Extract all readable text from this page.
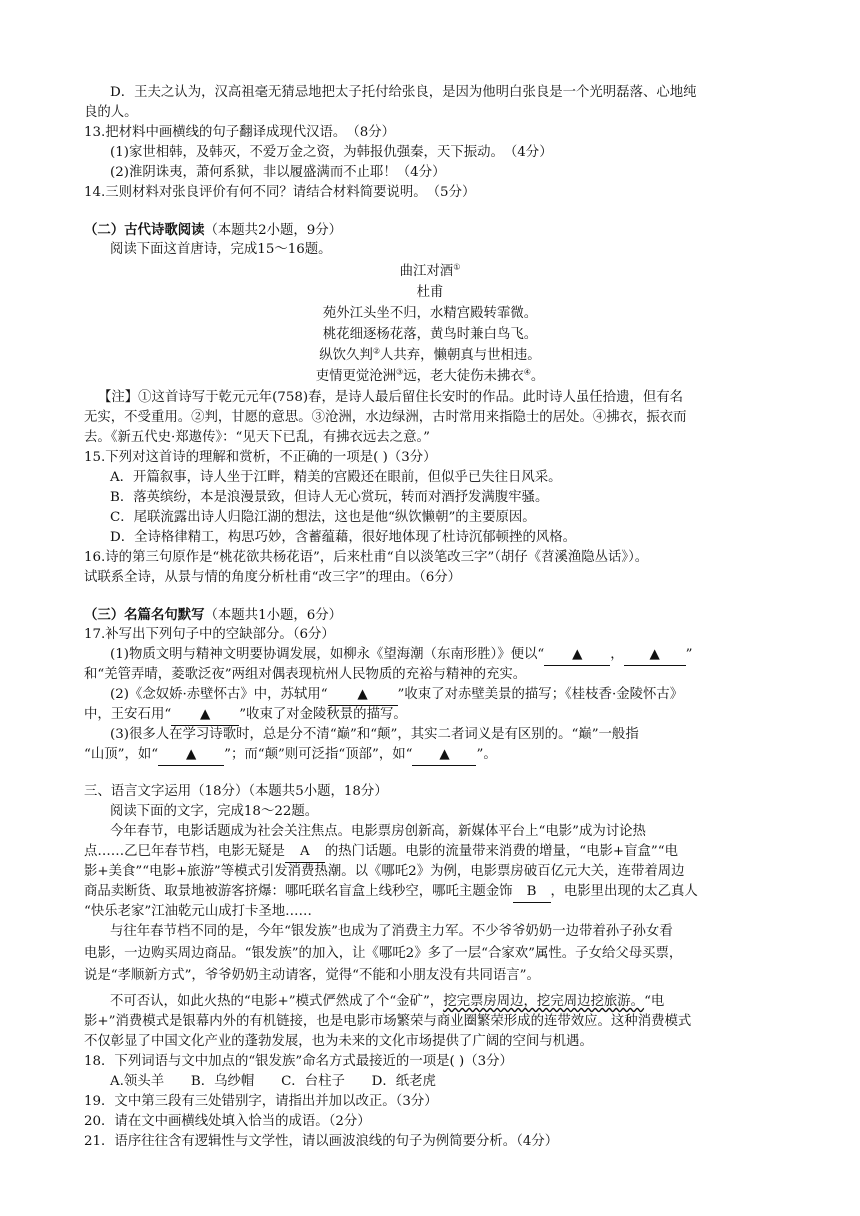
D．王夫之认为，汉高祖毫无猜忌地把太子托付给张良，是因为他明白张良是一个光明磊落、心地纯
良的人。
13.把材料中画横线的句子翻译成现代汉语。　（8分）
(1)家世相韩，及韩灭，不爱万金之资，为韩报仇强秦，天下振动。　（4分）
(2)淮阴诛夷，萧何系狱，非以履盛满而不止耶！（4分）
14.三则材料对张良评价有何不同？请结合材料简要说明。　（5分）
（二）古代诗歌阅读（本题共2小题，9分）
阅读下面这首唐诗，完成15～16题。
曲江对酒①
杜甫
苑外江头坐不归，水精宫殿转霏微。
桃花细逐杨花落，黄鸟时兼白鸟飞。
纵饮久判②人共弃，懒朝真与世相违。
吏情更觉沧洲③远，老大徒伤未拂衣④。
【注】①这首诗写于乾元元年(758)春，是诗人最后留住长安时的作品。此时诗人虽任拾遗，但有名
无实，不受重用。②判，甘愿的意思。③沧洲，水边绿洲，古时常用来指隐士的居处。④拂衣，振衣而
去。《新五代史·郑遨传》：“见天下已乱，有拂衣远去之意。”
15.下列对这首诗的理解和赏析，不正确的一项是( )（3分）
A．开篇叙事，诗人坐于江畔，精美的宫殿还在眼前，但似乎已失往日风采。
B．落英缤纷，本是浪漫景致，但诗人无心赏玩，转而对酒抒发满腹牢骚。
C．尾联流露出诗人归隐江湖的想法，这也是他“纵饮懒朝”的主要原因。
D．全诗格律精工，构思巧妙，含蓄蕴藉，很好地体现了杜诗沉郁顿挫的风格。
16.诗的第三句原作是“桃花欲共杨花语”，后来杜甫“自以淡笔改三字”（胡仔《苕溪渔隐丛话》）。
试联系全诗，从景与情的角度分析杜甫“改三字”的理由。（6分）
（三）名篇名句默写（本题共1小题，6分）
17.补写出下列句子中的空缺部分。（6分）
(1)物质文明与精神文明要协调发展，如柳永《望海潮（东南形胜）》便以“ ▲ ， ▲ ”
和“羌管弄晴，菱歌泛夜”两组对偶表现杭州人民物质的充裕与精神的充实。
(2)《念奴娇·赤壁怀古》中，苏轼用“ ▲ ”收束了对赤壁美景的描写；《桂枝香·金陵怀古》
中，王安石用“ ▲ ”收束了对金陵秋景的描写。
(3)很多人在学习诗歌时，总是分不清“巅”和“颠”，其实二者词义是有区别的。“巅”一般指
“山顶”，如“ ▲ ”；而“颠”则可泛指“顶部”，如“ ▲ ”。
三、语言文字运用（18分）（本题共5小题，18分）
阅读下面的文字，完成18～22题。
今年春节，电影话题成为社会关注焦点。电影票房创新高，新媒体平台上“电影”成为讨论热
点……乙巳年春节档，电影无疑是 A 的热门话题。电影的流量带来消费的增量，“电影+盲盒”“电
影+美食”“电影+旅游”等模式引发消费热潮。以《哪吒2》为例，电影票房破百亿元大关，连带着周边
商品卖断货、取景地被游客挤爆：哪吒联名盲盒上线秒空，哪吒主题金饰 B ，电影里出现的太乙真人
“快乐老家”江油乾元山成打卡圣地……
与往年春节档不同的是，今年“银发族”也成为了消费主力军。不少爷爷奶奶一边带着孙子孙女看
电影，一边购买周边商品。“银发族”的加入，让《哪吒2》多了一层“合家欢”属性。子女给父母买票，
说是“孝顺新方式”，爷爷奶奶主动请客，觉得“不能和小朋友没有共同语言”。
不可否认，如此火热的“电影+”模式俨然成了个“金矿”，挖完票房周边，挖完周边挖旅游。“电
影+”消费模式是银幕内外的有机链接，也是电影市场繁荣与商业圈繁荣形成的连带效应。这种消费模式
不仅彰显了中国文化产业的蓬勃发展，也为未来的文化市场提供了广阔的空间与机遇。
18．下列词语与文中加点的“银发族”命名方式最接近的一项是( )（3分）
A.领头羊　　B．乌纱帽　　C．台柱子　　D．纸老虎
19．文中第三段有三处错别字，请指出并加以改正。（3分）
20．请在文中画横线处填入恰当的成语。（2分）
21．语序往往含有逻辑性与文学性，请以画波浪线的句子为例简要分析。（4分）
